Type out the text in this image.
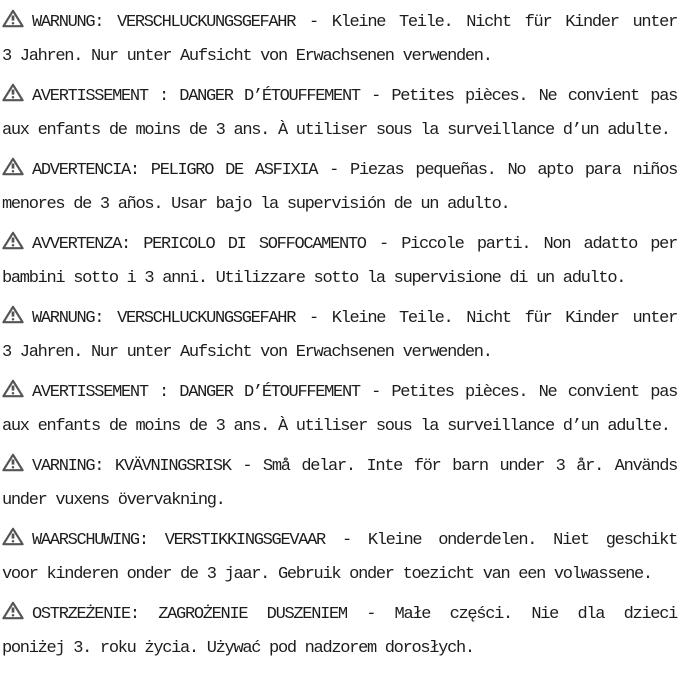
WARNUNG: VERSCHLUCKUNGSGEFAHR - Kleine Teile. Nicht für Kinder unter
3 Jahren. Nur unter Aufsicht von Erwachsenen verwenden.

AVERTISSEMENT : DANGER D’ÉTOUFFEMENT - Petites pièces. Ne convient pas
aux enfants de moins de 3 ans. À utiliser sous la surveillance d’un adulte.

ADVERTENCIA: PELIGRO DE ASFIXIA - Piezas pequeñas. No apto para niños
menores de 3 años. Usar bajo la supervisión de un adulto.

AVVERTENZA: PERICOLO DI SOFFOCAMENTO - Piccole parti. Non adatto per
bambini sotto i 3 anni. Utilizzare sotto la supervisione di un adulto.

WARNUNG: VERSCHLUCKUNGSGEFAHR - Kleine Teile. Nicht für Kinder unter
3 Jahren. Nur unter Aufsicht von Erwachsenen verwenden.

AVERTISSEMENT : DANGER D’ÉTOUFFEMENT - Petites pièces. Ne convient pas
aux enfants de moins de 3 ans. À utiliser sous la surveillance d’un adulte.

VARNING: KVÄVNINGSRISK - Små delar. Inte för barn under 3 år. Används
under vuxens övervakning.

WAARSCHUWING: VERSTIKKINGSGEVAAR - Kleine onderdelen. Niet geschikt
voor kinderen onder de 3 jaar. Gebruik onder toezicht van een volwassene.

OSTRZEŻENIE: ZAGROŻENIE DUSZENIEM - Małe części. Nie dla dzieci
poniżej 3. roku życia. Używać pod nadzorem dorosłych.
